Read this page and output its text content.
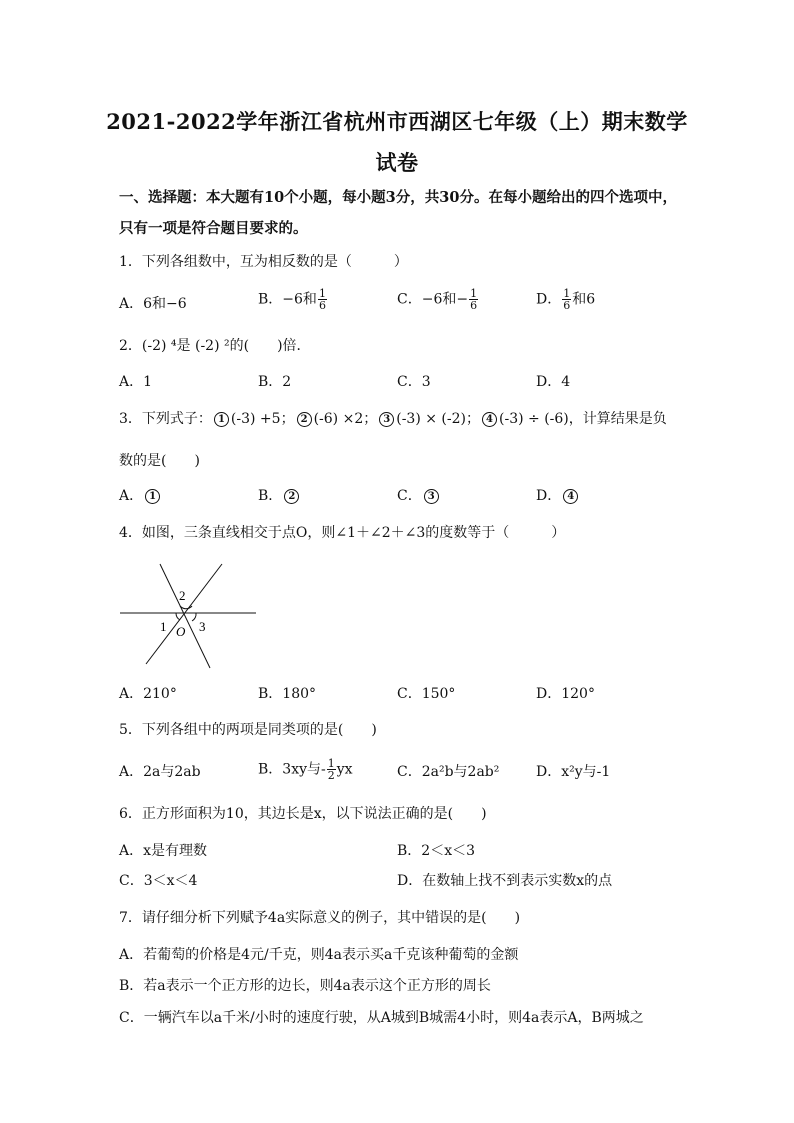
2021-2022学年浙江省杭州市西湖区七年级（上）期末数学
试卷
一、选择题：本大题有10个小题，每小题3分，共30分。在每小题给出的四个选项中，只有一项是符合题目要求的。
1．下列各组数中，互为相反数的是（　　　）
A．6和−6	B．−6和 $\frac{1}{6}$	C．−6和− $\frac{1}{6}$	D． $\frac{1}{6}$ 和6
2．(-2) ⁴是 (-2) ²的(　　)倍．
A．1	B．2	C．3	D．4
3．下列式子： 1 (-3) +5； 2 (-6) ×2； 3 (-3) × (-2)； 4 (-3) ÷ (-6)，计算结果是负
数的是(　　)
A． 1	B． 2	C． 3	D． 4
4．如图，三条直线相交于点O，则∠1＋∠2＋∠3的度数等于（　　　）
2
1	3
O
A．210°	B．180°	C．150°	D．120°
5．下列各组中的两项是同类项的是(　　)
A．2a与2ab	B．3xy与- $\frac{1}{2}$ yx	C．2a²b与2ab²	D．x²y与-1
6．正方形面积为10，其边长是x，以下说法正确的是(　　)
A．x是有理数	B．2＜x＜3
C．3＜x＜4	D．在数轴上找不到表示实数x的点
7．请仔细分析下列赋予4a实际意义的例子，其中错误的是(　　)
A．若葡萄的价格是4元/千克，则4a表示买a千克该种葡萄的金额
B．若a表示一个正方形的边长，则4a表示这个正方形的周长
C．一辆汽车以a千米/小时的速度行驶，从A城到B城需4小时，则4a表示A，B两城之
